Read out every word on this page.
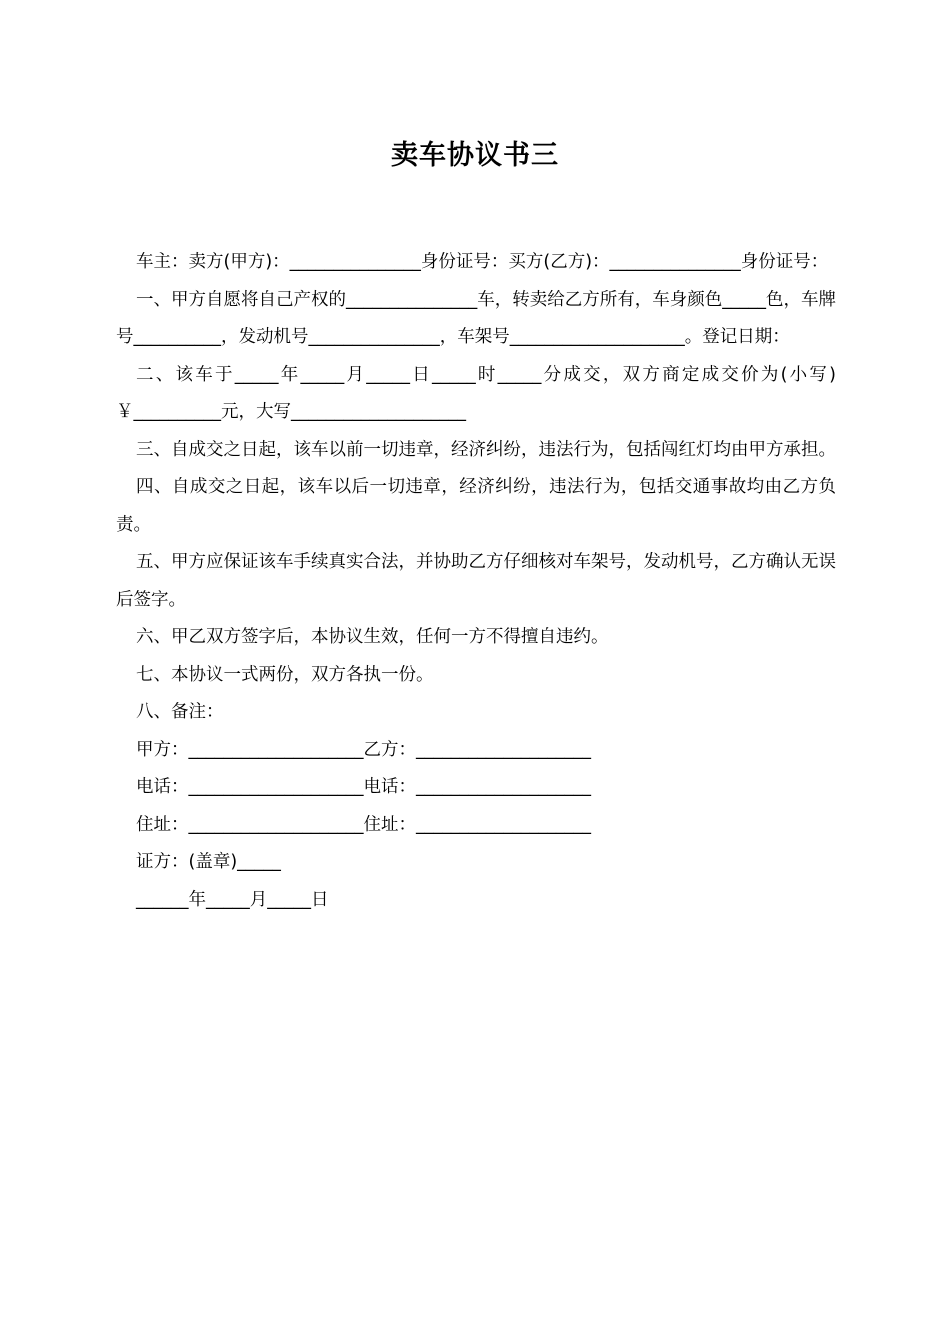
卖车协议书三

车主：卖方(甲方)：_______________身份证号：买方(乙方)：_______________身份证号：

一、甲方自愿将自己产权的_______________车，转卖给乙方所有，车身颜色_____色，车牌号__________，发动机号_______________，车架号____________________。登记日期：

二、该车于_____年_____月_____日_____时_____分成交，双方商定成交价为(小写)￥__________元，大写____________________

三、自成交之日起，该车以前一切违章，经济纠纷，违法行为，包括闯红灯均由甲方承担。

四、自成交之日起，该车以后一切违章，经济纠纷，违法行为，包括交通事故均由乙方负责。

五、甲方应保证该车手续真实合法，并协助乙方仔细核对车架号，发动机号，乙方确认无误后签字。

六、甲乙双方签字后，本协议生效，任何一方不得擅自违约。

七、本协议一式两份，双方各执一份。

八、备注：

甲方：____________________乙方：____________________

电话：____________________电话：____________________

住址：____________________住址：____________________

证方：(盖章)_____

______年_____月_____日
